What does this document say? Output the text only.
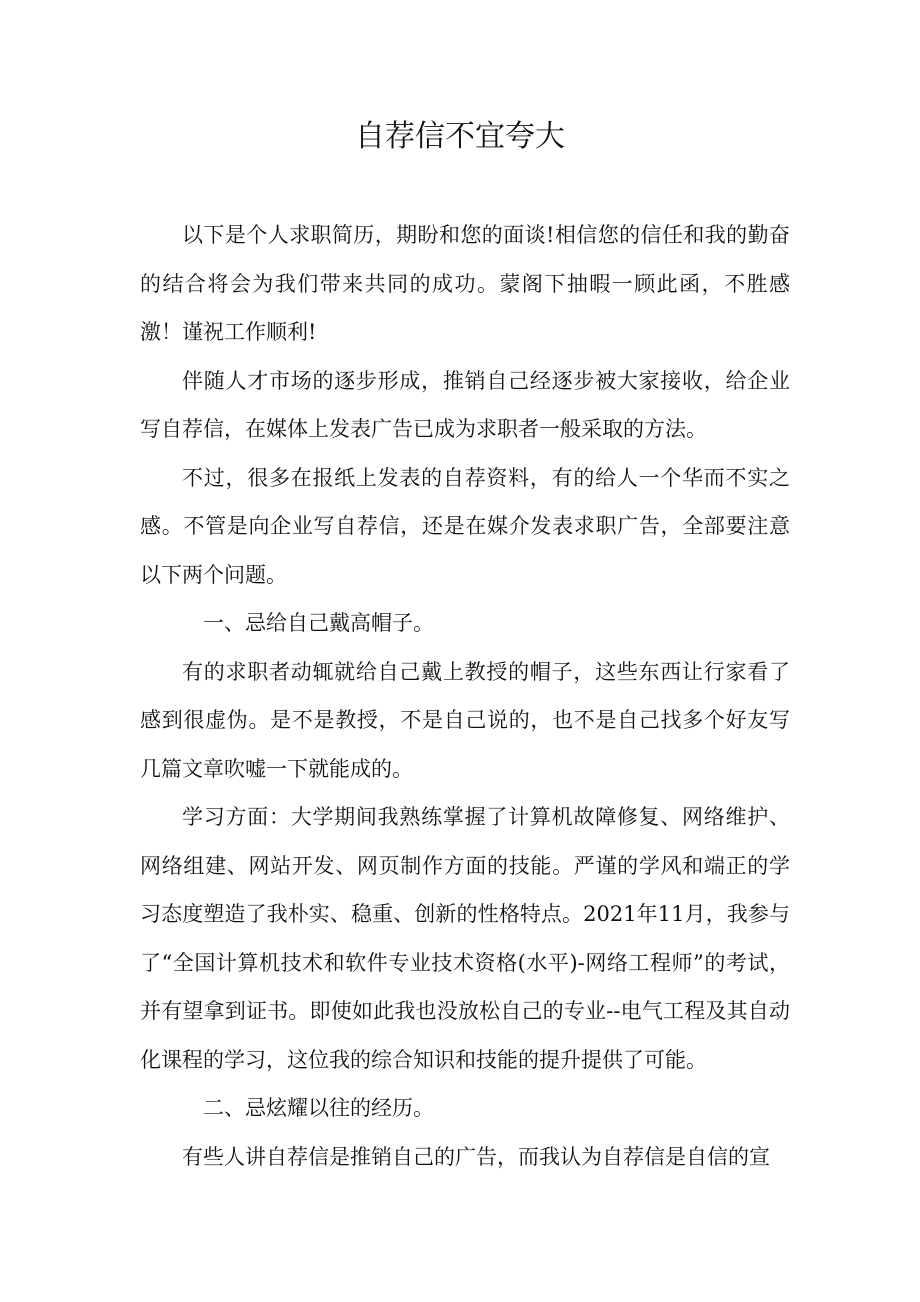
自荐信不宜夸大

以下是个人求职简历，期盼和您的面谈!相信您的信任和我的勤奋的结合将会为我们带来共同的成功。蒙阁下抽暇一顾此函，不胜感激！谨祝工作顺利!

伴随人才市场的逐步形成，推销自己经逐步被大家接收，给企业写自荐信，在媒体上发表广告已成为求职者一般采取的方法。

不过，很多在报纸上发表的自荐资料，有的给人一个华而不实之感。不管是向企业写自荐信，还是在媒介发表求职广告，全部要注意以下两个问题。

一、忌给自己戴高帽子。

有的求职者动辄就给自己戴上教授的帽子，这些东西让行家看了感到很虚伪。是不是教授，不是自己说的，也不是自己找多个好友写几篇文章吹嘘一下就能成的。

学习方面：大学期间我熟练掌握了计算机故障修复、网络维护、网络组建、网站开发、网页制作方面的技能。严谨的学风和端正的学习态度塑造了我朴实、稳重、创新的性格特点。2021年11月，我参与了“全国计算机技术和软件专业技术资格(水平)-网络工程师”的考试，并有望拿到证书。即使如此我也没放松自己的专业--电气工程及其自动化课程的学习，这位我的综合知识和技能的提升提供了可能。

二、忌炫耀以往的经历。

有些人讲自荐信是推销自己的广告，而我认为自荐信是自信的宣
